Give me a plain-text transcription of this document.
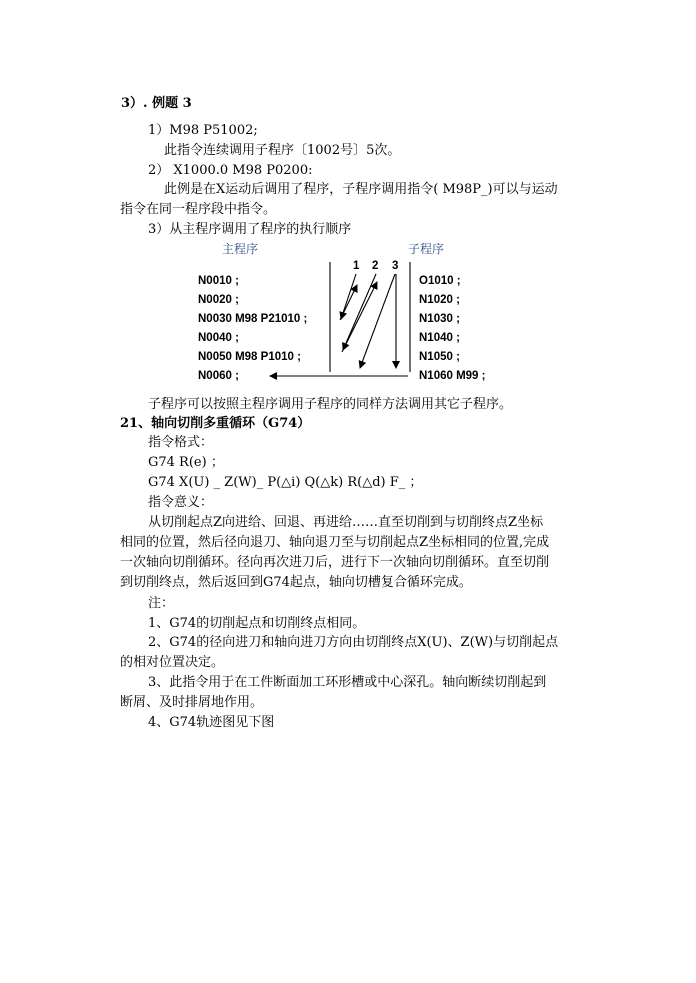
3）. 例题 3
1）M98 P51002;
此指令连续调用子程序〔1002号〕5次。
2） X1000.0 M98 P0200:
此例是在X运动后调用了程序，子程序调用指令( M98P_)可以与运动
指令在同一程序段中指令。
3）从主程序调用了程序的执行顺序
主程序	子程序
1 2 3
N0010 ;
N0020 ;
N0030 M98 P21010 ;
N0040 ;
N0050 M98 P1010 ;
N0060 ;
O1010 ;
N1020 ;
N1030 ;
N1040 ;
N1050 ;
N1060 M99 ;
子程序可以按照主程序调用子程序的同样方法调用其它子程序。
21、轴向切削多重循环（G74）
指令格式：
G74 R(e) ；
G74 X(U) _ Z(W)_ P(△i) Q(△k) R(△d) F_ ；
指令意义：
从切削起点Z向进给、回退、再进给……直至切削到与切削终点Z坐标
相同的位置，然后径向退刀、轴向退刀至与切削起点Z坐标相同的位置,完成
一次轴向切削循环。径向再次进刀后，进行下一次轴向切削循环。直至切削
到切削终点，然后返回到G74起点，轴向切槽复合循环完成。
注：
1、G74的切削起点和切削终点相同。
2、G74的径向进刀和轴向进刀方向由切削终点X(U)、Z(W)与切削起点
的相对位置决定。
3、此指令用于在工件断面加工环形槽或中心深孔。轴向断续切削起到
断屑、及时排屑地作用。
4、G74轨迹图见下图
